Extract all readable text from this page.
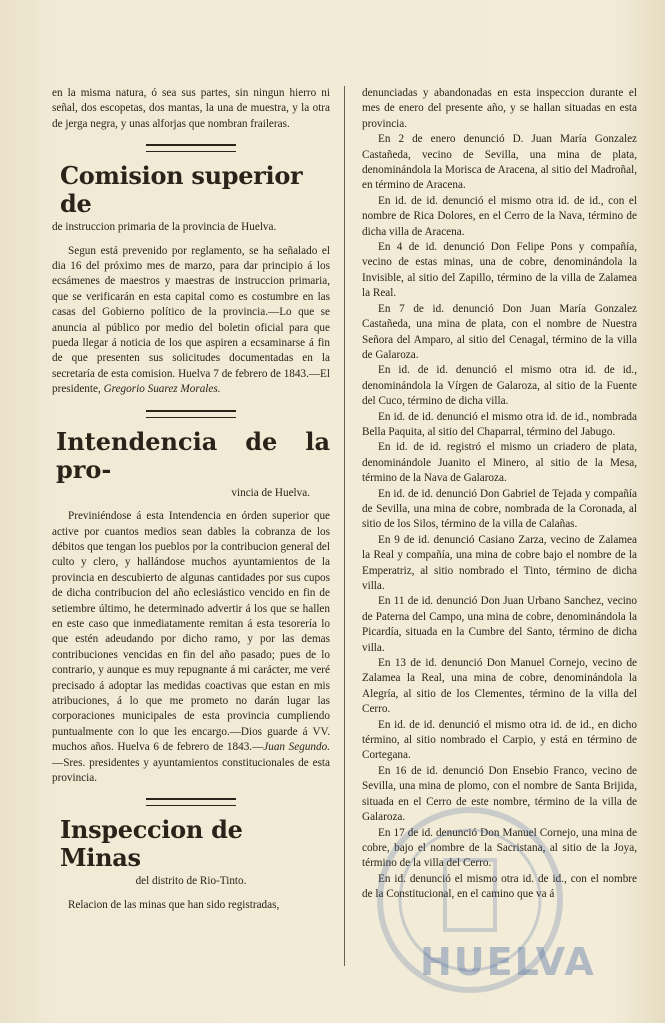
en la misma natura, ó sea sus partes, sin ningun hierro ni señal, dos escopetas, dos mantas, la una de muestra, y la otra de jerga negra, y unas alforjas que nombran fraileras.

Comision superior de

de instruccion primaria de la provincia de Huelva.

Segun está prevenido por reglamento, se ha señalado el dia 16 del próximo mes de marzo, para dar principio á los ecsámenes de maestros y maestras de instruccion primaria, que se verificarán en esta capital como es costumbre en las casas del Gobierno político de la provincia.—Lo que se anuncia al público por medio del boletin oficial para que pueda llegar á noticia de los que aspiren a ecsaminarse á fin de que presenten sus solicitudes documentadas en la secretaría de esta comision. Huelva 7 de febrero de 1843.—El presidente, Gregorio Suarez Morales.

Intendencia de la pro-

vincia de Huelva.

Previniéndose á esta Intendencia en órden superior que active por cuantos medios sean dables la cobranza de los débitos que tengan los pueblos por la contribucion general del culto y clero, y hallándose muchos ayuntamientos de la provincia en descubierto de algunas cantidades por sus cupos de dicha contribucion del año eclesiástico vencido en fin de setiembre último, he determinado advertir á los que se hallen en este caso que inmediatamente remitan á esta tesorería lo que estén adeudando por dicho ramo, y por las demas contribuciones vencidas en fin del año pasado; pues de lo contrario, y aunque es muy repugnante á mi carácter, me veré precisado á adoptar las medidas coactivas que estan en mis atribuciones, á lo que me prometo no darán lugar las corporaciones municipales de esta provincia cumpliendo puntualmente con lo que les encargo.—Dios guarde á VV. muchos años. Huelva 6 de febrero de 1843.—Juan Segundo.—Sres. presidentes y ayuntamientos constitucionales de esta provincia.

Inspeccion de Minas

del distrito de Rio-Tinto.

Relacion de las minas que han sido registradas,

denunciadas y abandonadas en esta inspeccion durante el mes de enero del presente año, y se hallan situadas en esta provincia.

En 2 de enero denunció D. Juan María Gonzalez Castañeda, vecino de Sevilla, una mina de plata, denominándola la Morisca de Aracena, al sitio del Madroñal, en término de Aracena.

En id. de id. denunció el mismo otra id. de id., con el nombre de Rica Dolores, en el Cerro de la Nava, término de dicha villa de Aracena.

En 4 de id. denunció Don Felipe Pons y compañía, vecino de estas minas, una de cobre, denominándola la Invisible, al sitio del Zapillo, término de la villa de Zalamea la Real.

En 7 de id. denunció Don Juan María Gonzalez Castañeda, una mina de plata, con el nombre de Nuestra Señora del Amparo, al sitio del Cenagal, término de la villa de Galaroza.

En id. de id. denunció el mismo otra id. de id., denominándola la Vírgen de Galaroza, al sitio de la Fuente del Cuco, término de dicha villa.

En id. de id. denunció el mismo otra id. de id., nombrada Bella Paquita, al sitio del Chaparral, término del Jabugo.

En id. de id. registró el mismo un criadero de plata, denominándole Juanito el Minero, al sitio de la Mesa, término de la Nava de Galaroza.

En id. de id. denunció Don Gabriel de Tejada y compañía de Sevilla, una mina de cobre, nombrada de la Coronada, al sitio de los Silos, término de la villa de Calañas.

En 9 de id. denunció Casiano Zarza, vecino de Zalamea la Real y compañía, una mina de cobre bajo el nombre de la Emperatriz, al sitio nombrado el Tinto, término de dicha villa.

En 11 de id. denunció Don Juan Urbano Sanchez, vecino de Paterna del Campo, una mina de cobre, denominándola la Picardía, situada en la Cumbre del Santo, término de dicha villa.

En 13 de id. denunció Don Manuel Cornejo, vecino de Zalamea la Real, una mina de cobre, denominándola la Alegría, al sitio de los Clementes, término de la villa del Cerro.

En id. de id. denunció el mismo otra id. de id., en dicho término, al sitio nombrado el Carpio, y está en término de Cortegana.

En 16 de id. denunció Don Ensebio Franco, vecino de Sevilla, una mina de plomo, con el nombre de Santa Brijida, situada en el Cerro de este nombre, término de la villa de Galaroza.

En 17 de id. denunció Don Manuel Cornejo, una mina de cobre, bajo el nombre de la Sacristana, al sitio de la Joya, término de la villa del Cerro.

En id. denunció el mismo otra id. de id., con el nombre de la Constitucional, en el camino que va á

HUELVA
